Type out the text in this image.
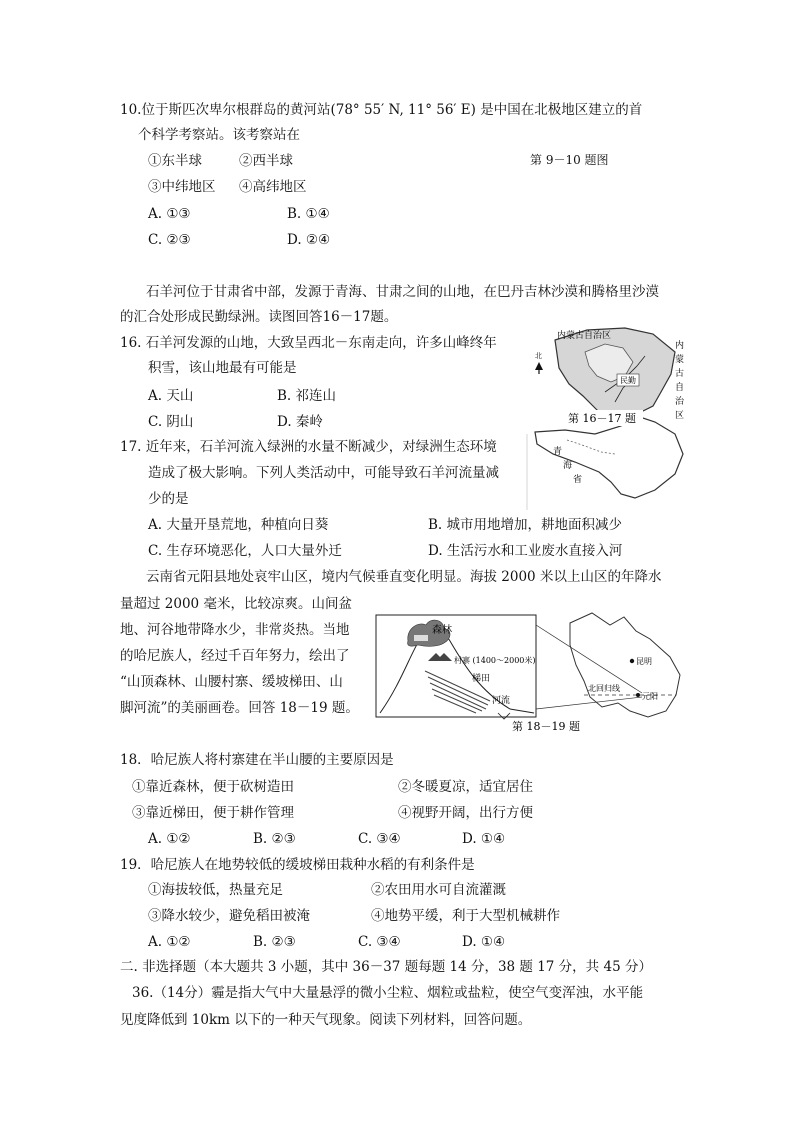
10.位于斯匹次卑尔根群岛的黄河站(78° 55′ N, 11° 56′ E) 是中国在北极地区建立的首
个科学考察站。该考察站在
①东半球	②西半球	第 9－10 题图
③中纬地区 ④高纬地区
A. ①③	B. ①④
C. ②③	D. ②④
石羊河位于甘肃省中部，发源于青海、甘肃之间的山地，在巴丹吉林沙漠和腾格里沙漠
的汇合处形成民勤绿洲。读图回答16－17题。
16. 石羊河发源的山地，大致呈西北－东南走向，许多山峰终年
积雪，该山地最有可能是
A. 天山	B. 祁连山
C. 阴山	D. 秦岭
内蒙古自治区
民勤
北
内
蒙
古
自
治
区
青
海
省
第 16－17 题
17. 近年来，石羊河流入绿洲的水量不断减少，对绿洲生态环境
造成了极大影响。下列人类活动中，可能导致石羊河流量减
少的是
A. 大量开垦荒地，种植向日葵	B. 城市用地增加，耕地面积减少
C. 生存环境恶化，人口大量外迁	D. 生活污水和工业废水直接入河
云南省元阳县地处哀牢山区，境内气候垂直变化明显。海拔 2000 米以上山区的年降水
量超过 2000 毫米，比较凉爽。山间盆
地、河谷地带降水少，非常炎热。当地
的哈尼族人，经过千百年努力，绘出了
“山顶森林、山腰村寨、缓坡梯田、山
脚河流”的美丽画卷。回答 18－19 题。
森林
村寨 (1400～2000米)
梯田
河流
昆明
北回归线
元阳
第 18－19 题
18．哈尼族人将村寨建在半山腰的主要原因是
①靠近森林，便于砍树造田	②冬暖夏凉，适宜居住
③靠近梯田，便于耕作管理	④视野开阔，出行方便
A. ①②	B. ②③	C. ③④	D. ①④
19．哈尼族人在地势较低的缓坡梯田栽种水稻的有利条件是
①海拔较低，热量充足	②农田用水可自流灌溉
③降水较少，避免稻田被淹	④地势平缓，利于大型机械耕作
A. ①②	B. ②③	C. ③④	D. ①④
二. 非选择题（本大题共 3 小题，其中 36－37 题每题 14 分，38 题 17 分，共 45 分）
36.（14分）霾是指大气中大量悬浮的微小尘粒、烟粒或盐粒，使空气变浑浊，水平能
见度降低到 10km 以下的一种天气现象。阅读下列材料，回答问题。
